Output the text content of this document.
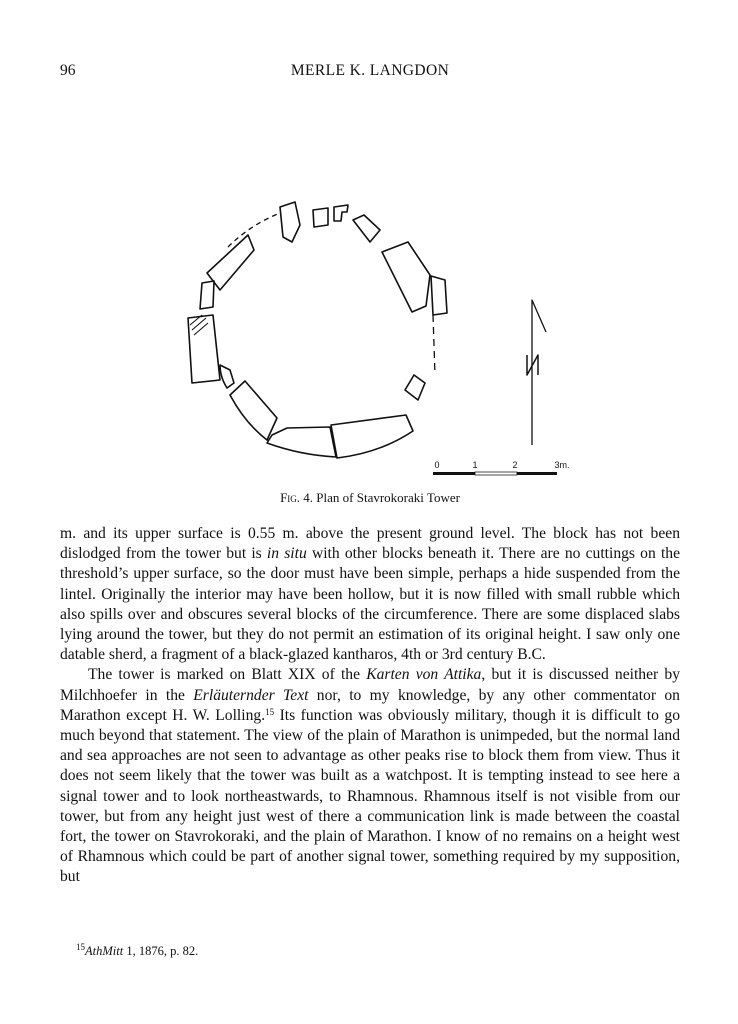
96	MERLE K. LANGDON
N
0	1	2	3m.
Fig. 4. Plan of Stavrokoraki Tower

m. and its upper surface is 0.55 m. above the present ground level. The block has not been dislodged from the tower but is in situ with other blocks beneath it. There are no cuttings on the threshold’s upper surface, so the door must have been simple, perhaps a hide suspended from the lintel. Originally the interior may have been hollow, but it is now filled with small rubble which also spills over and obscures several blocks of the circumference. There are some displaced slabs lying around the tower, but they do not permit an estimation of its original height. I saw only one datable sherd, a fragment of a black-glazed kantharos, 4th or 3rd century B.C.

The tower is marked on Blatt XIX of the Karten von Attika, but it is discussed neither by Milchhoefer in the Erläuternder Text nor, to my knowledge, by any other commentator on Marathon except H. W. Lolling.$^{15}$ Its function was obviously military, though it is difficult to go much beyond that statement. The view of the plain of Marathon is unimpeded, but the normal land and sea approaches are not seen to advantage as other peaks rise to block them from view. Thus it does not seem likely that the tower was built as a watchpost. It is tempting instead to see here a signal tower and to look northeastwards, to Rhamnous. Rhamnous itself is not visible from our tower, but from any height just west of there a communication link is made between the coastal fort, the tower on Stavrokoraki, and the plain of Marathon. I know of no remains on a height west of Rhamnous which could be part of another signal tower, something required by my supposition, but

$^{15}$AthMitt 1, 1876, p. 82.
